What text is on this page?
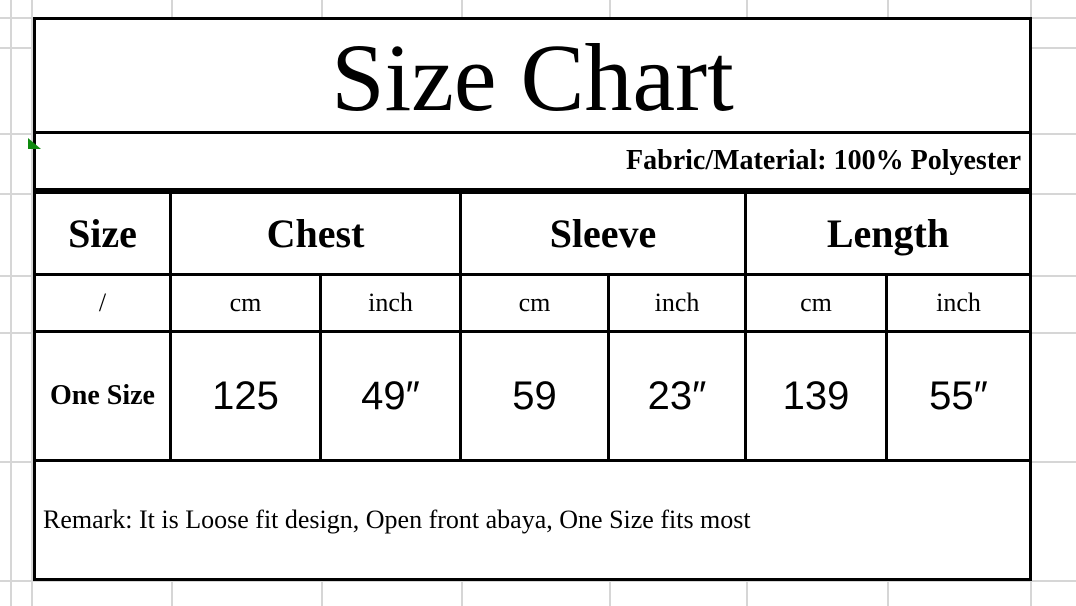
Size Chart
Fabric/Material: 100% Polyester
Size	Chest	Sleeve	Length
/	cm	inch	cm	inch	cm	inch
One Size	125	49″	59	23″	139	55″
Remark: It is Loose fit design, Open front abaya, One Size fits most
